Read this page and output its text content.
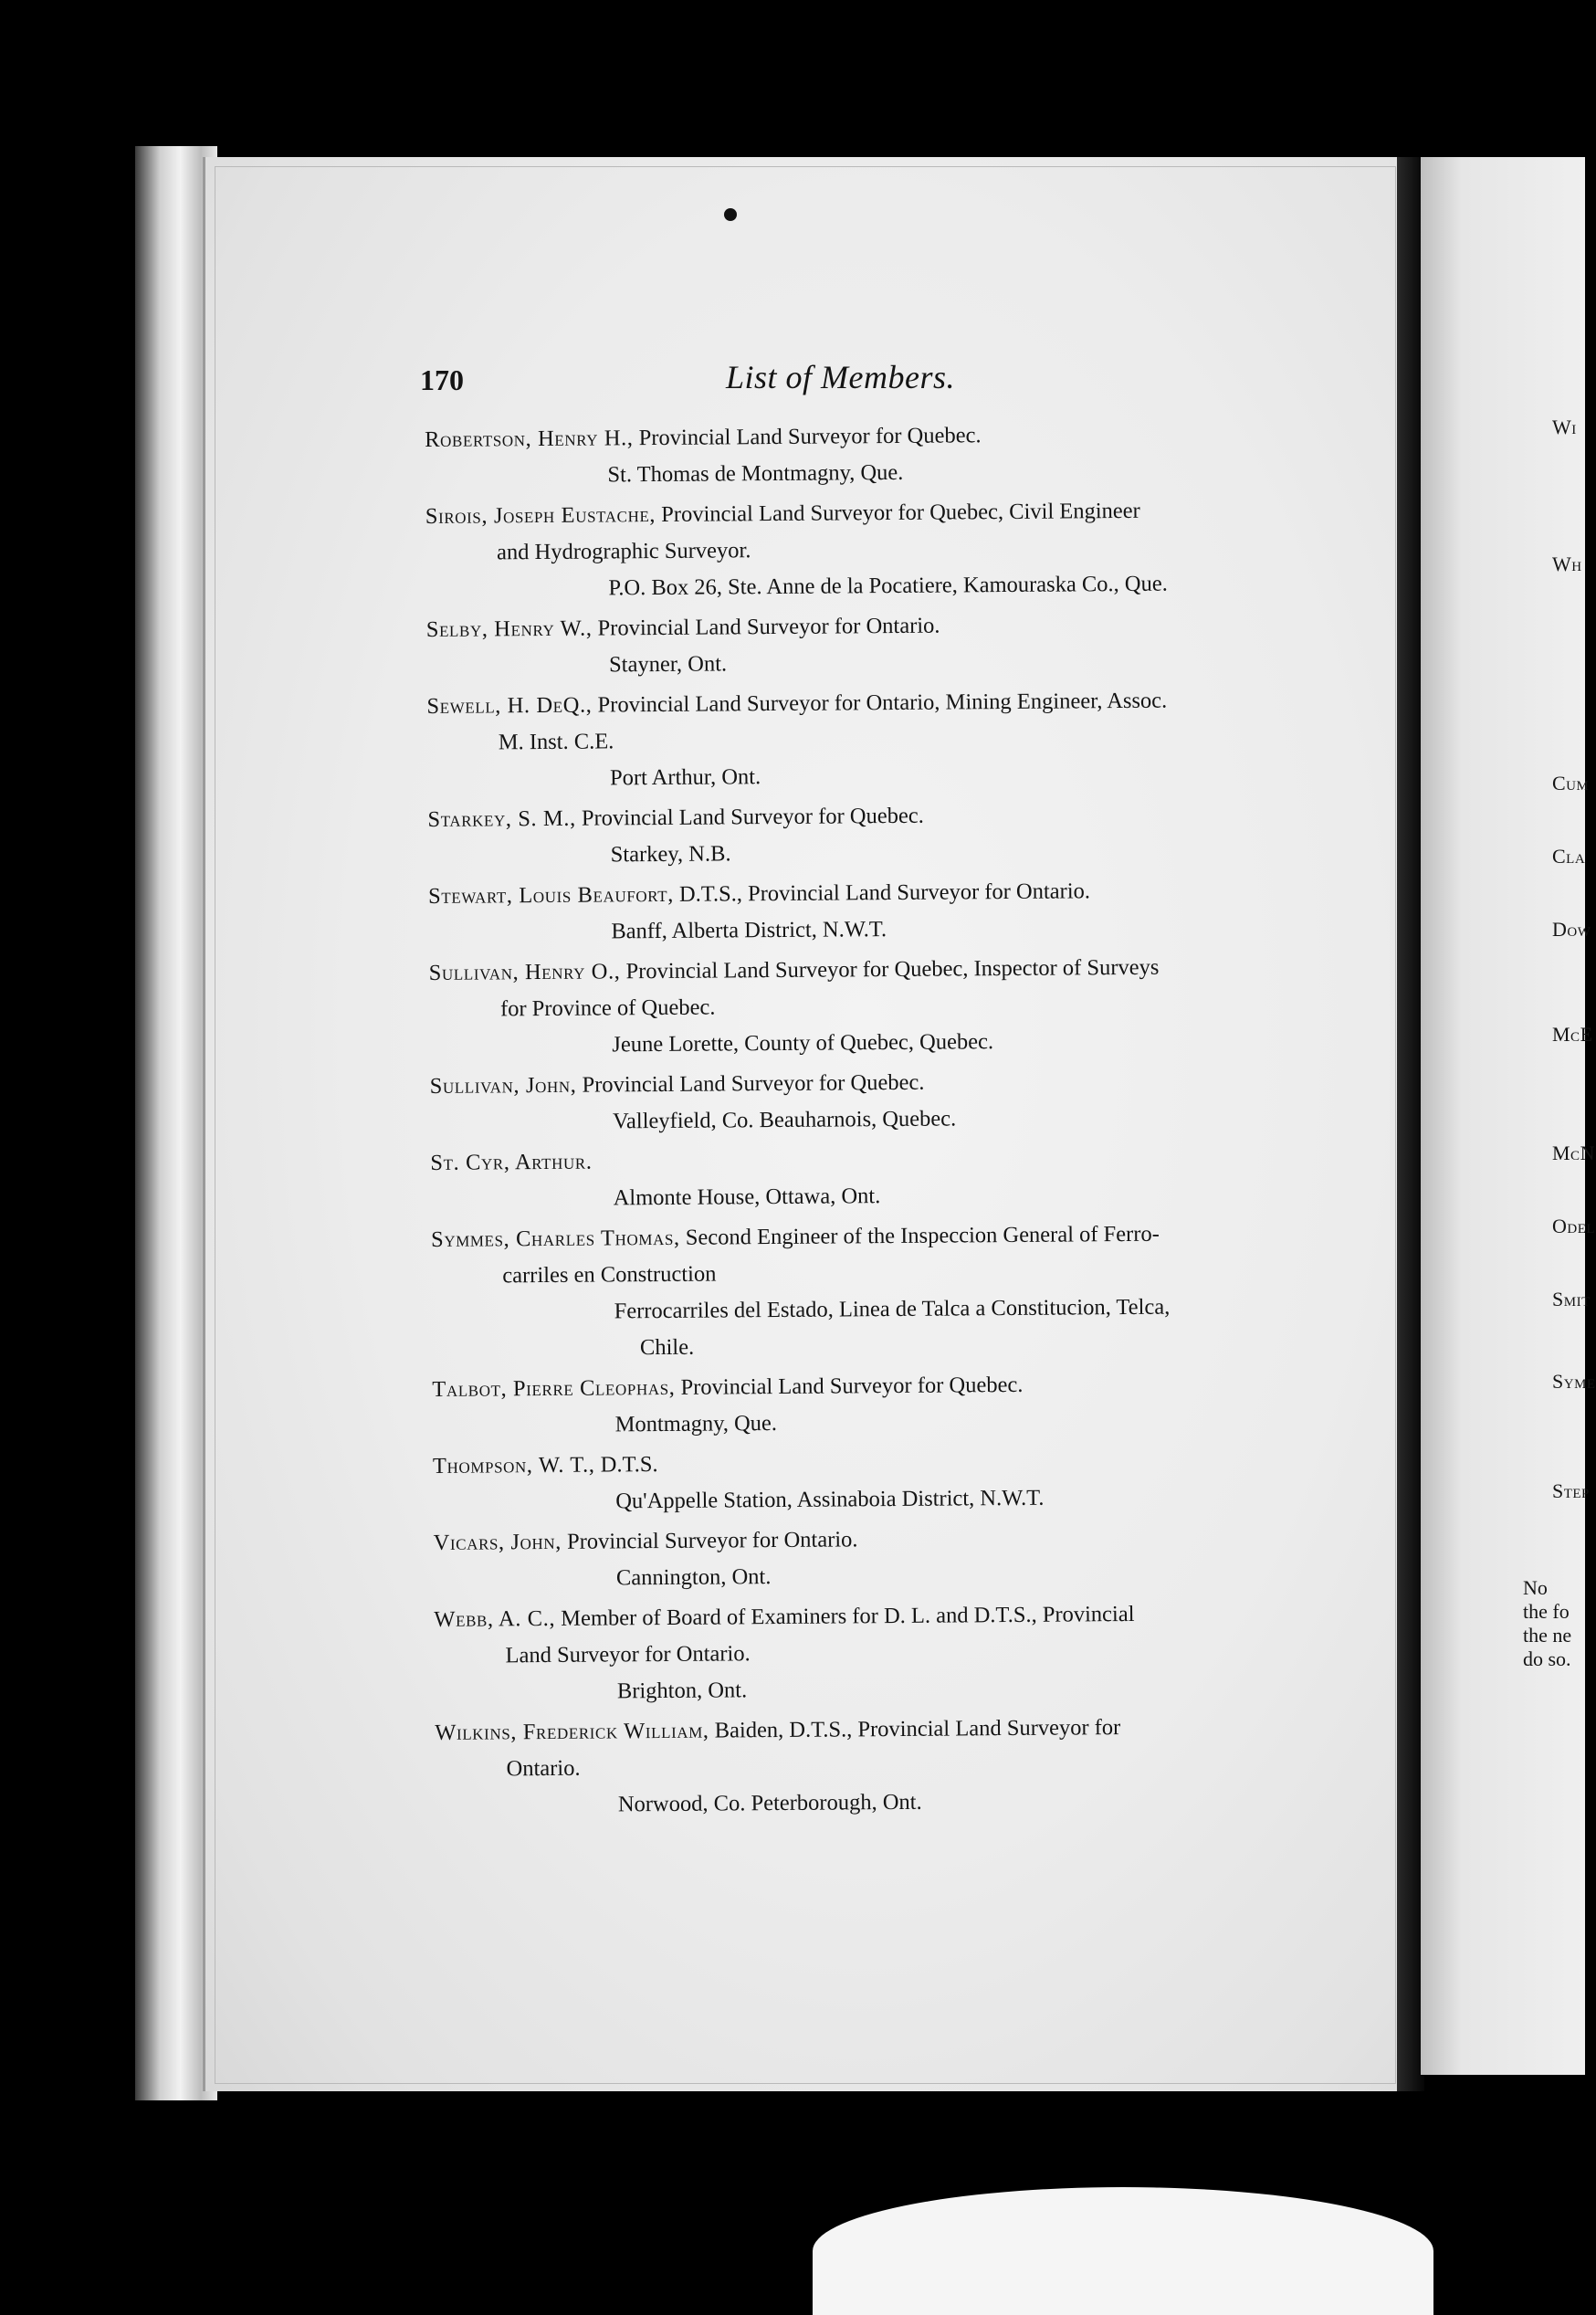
170	List of Members.

Robertson, Henry H., Provincial Land Surveyor for Quebec.

St. Thomas de Montmagny, Que.

Sirois, Joseph Eustache, Provincial Land Surveyor for Quebec, Civil Engineer

and Hydrographic Surveyor.

P.O. Box 26, Ste. Anne de la Pocatiere, Kamouraska Co., Que.

Selby, Henry W., Provincial Land Surveyor for Ontario.

Stayner, Ont.

Sewell, H. DeQ., Provincial Land Surveyor for Ontario, Mining Engineer, Assoc.

M. Inst. C.E.

Port Arthur, Ont.

Starkey, S. M., Provincial Land Surveyor for Quebec.

Starkey, N.B.

Stewart, Louis Beaufort, D.T.S., Provincial Land Surveyor for Ontario.

Banff, Alberta District, N.W.T.

Sullivan, Henry O., Provincial Land Surveyor for Quebec, Inspector of Surveys

for Province of Quebec.

Jeune Lorette, County of Quebec, Quebec.

Sullivan, John, Provincial Land Surveyor for Quebec.

Valleyfield, Co. Beauharnois, Quebec.

St. Cyr, Arthur.

Almonte House, Ottawa, Ont.

Symmes, Charles Thomas, Second Engineer of the Inspeccion General of Ferro-

carriles en Construction

Ferrocarriles del Estado, Linea de Talca a Constitucion, Telca,

Chile.

Talbot, Pierre Cleophas, Provincial Land Surveyor for Quebec.

Montmagny, Que.

Thompson, W. T., D.T.S.

Qu'Appelle Station, Assinaboia District, N.W.T.

Vicars, John, Provincial Surveyor for Ontario.

Cannington, Ont.

Webb, A. C., Member of Board of Examiners for D. L. and D.T.S., Provincial

Land Surveyor for Ontario.

Brighton, Ont.

Wilkins, Frederick William, Baiden, D.T.S., Provincial Land Surveyor for

Ontario.

Norwood, Co. Peterborough, Ont.

Wi
Wh
Cum
Cla
Dow
McE
McN
Odel
Smit
Syme
Step
No
the fo
the ne
do so.
